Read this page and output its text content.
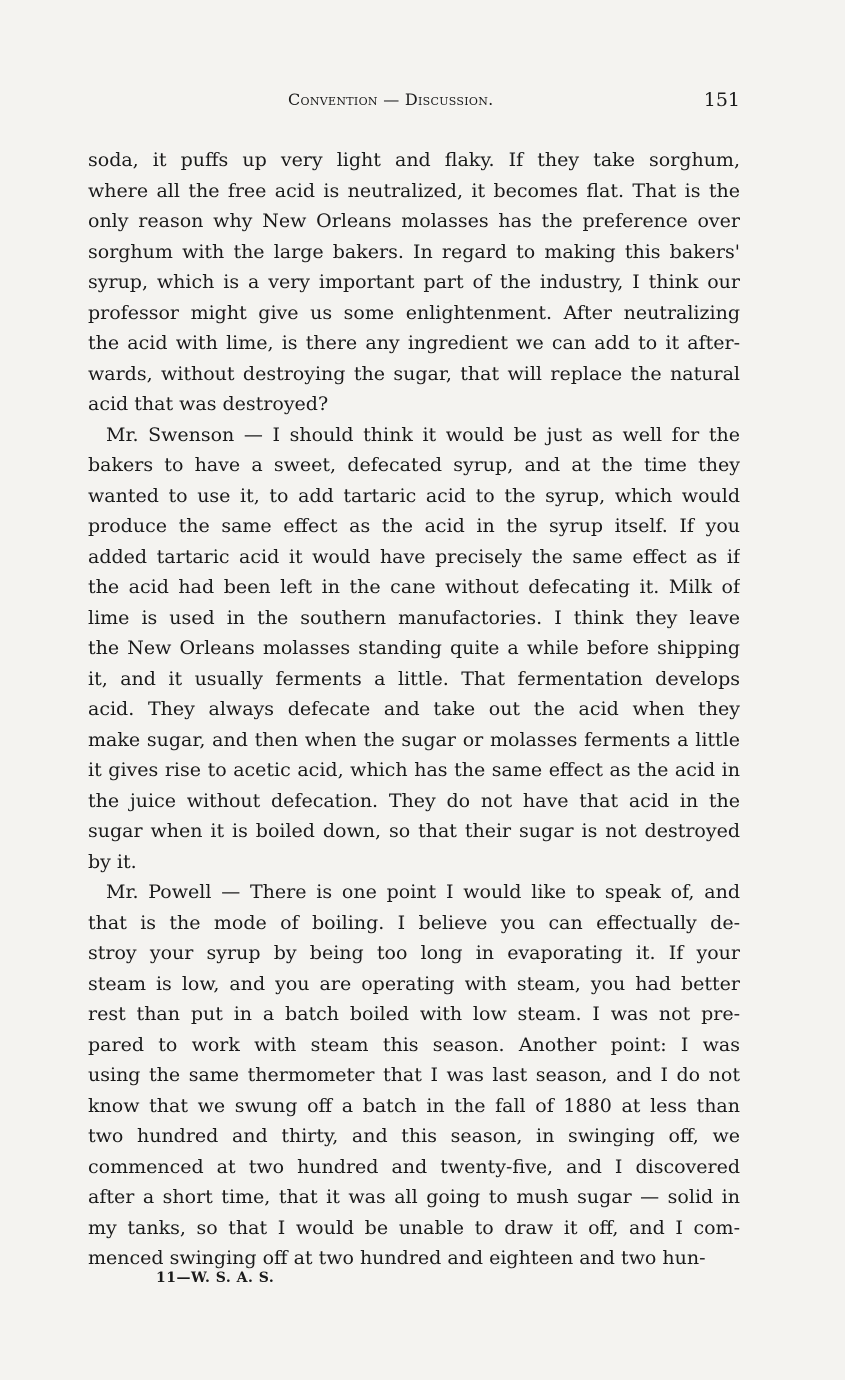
Convention — Discussion.	151
soda, it puffs up very light and flaky. If they take sorghum,
where all the free acid is neutralized, it becomes flat. That is the
only reason why New Orleans molasses has the preference over
sorghum with the large bakers. In regard to making this bakers'
syrup, which is a very important part of the industry, I think our
professor might give us some enlightenment. After neutralizing
the acid with lime, is there any ingredient we can add to it after-
wards, without destroying the sugar, that will replace the natural
acid that was destroyed?
Mr. Swenson — I should think it would be just as well for the
bakers to have a sweet, defecated syrup, and at the time they
wanted to use it, to add tartaric acid to the syrup, which would
produce the same effect as the acid in the syrup itself. If you
added tartaric acid it would have precisely the same effect as if
the acid had been left in the cane without defecating it. Milk of
lime is used in the southern manufactories. I think they leave
the New Orleans molasses standing quite a while before shipping
it, and it usually ferments a little. That fermentation develops
acid. They always defecate and take out the acid when they
make sugar, and then when the sugar or molasses ferments a little
it gives rise to acetic acid, which has the same effect as the acid in
the juice without defecation. They do not have that acid in the
sugar when it is boiled down, so that their sugar is not destroyed
by it.
Mr. Powell — There is one point I would like to speak of, and
that is the mode of boiling. I believe you can effectually de-
stroy your syrup by being too long in evaporating it. If your
steam is low, and you are operating with steam, you had better
rest than put in a batch boiled with low steam. I was not pre-
pared to work with steam this season. Another point: I was
using the same thermometer that I was last season, and I do not
know that we swung off a batch in the fall of 1880 at less than
two hundred and thirty, and this season, in swinging off, we
commenced at two hundred and twenty-five, and I discovered
after a short time, that it was all going to mush sugar — solid in
my tanks, so that I would be unable to draw it off, and I com-
menced swinging off at two hundred and eighteen and two hun-
11—W. S. A. S.
